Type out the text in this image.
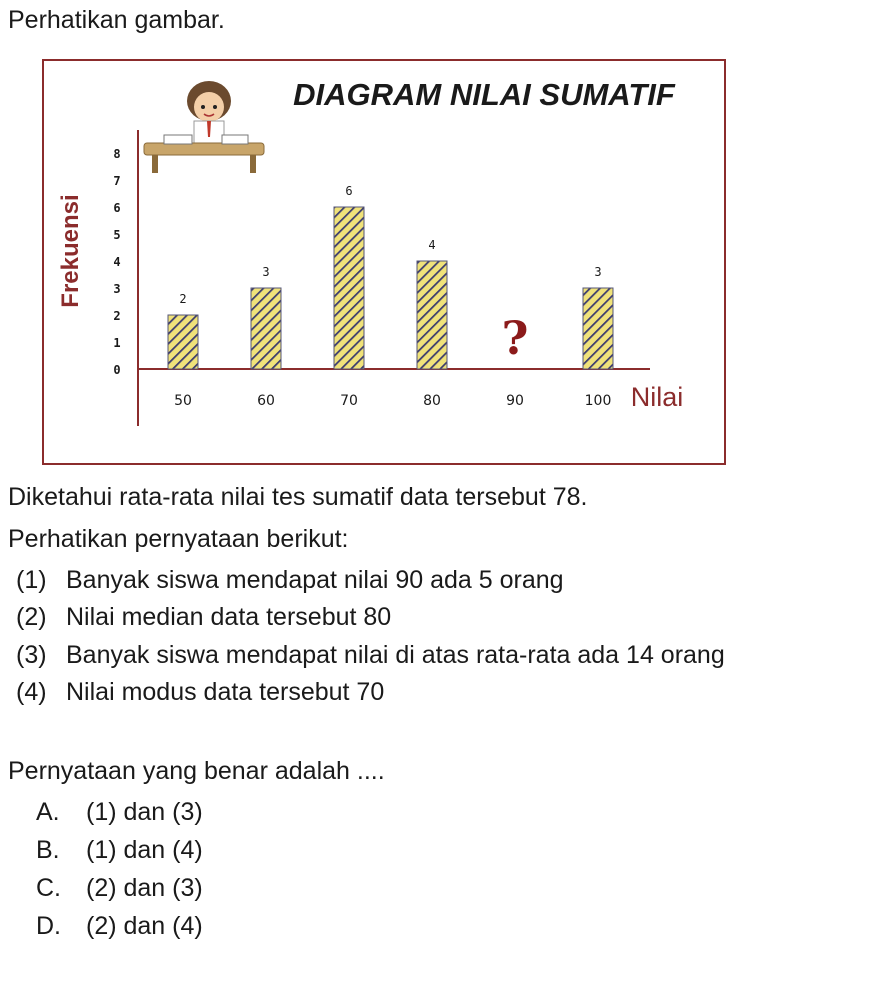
Perhatikan gambar.
DIAGRAM NILAI SUMATIF
Frekuensi
Nilai
0
1
2
3
4
5
6
7
8
50	60	70	80	90	100
2
3
6
4
?
3
Diketahui rata-rata nilai tes sumatif data tersebut 78.
Perhatikan pernyataan berikut:
(1) Banyak siswa mendapat nilai 90 ada 5 orang
(2) Nilai median data tersebut 80
(3) Banyak siswa mendapat nilai di atas rata-rata ada 14 orang
(4) Nilai modus data tersebut 70
Pernyataan yang benar adalah ....
A. (1) dan (3)
B. (1) dan (4)
C. (2) dan (3)
D. (2) dan (4)
